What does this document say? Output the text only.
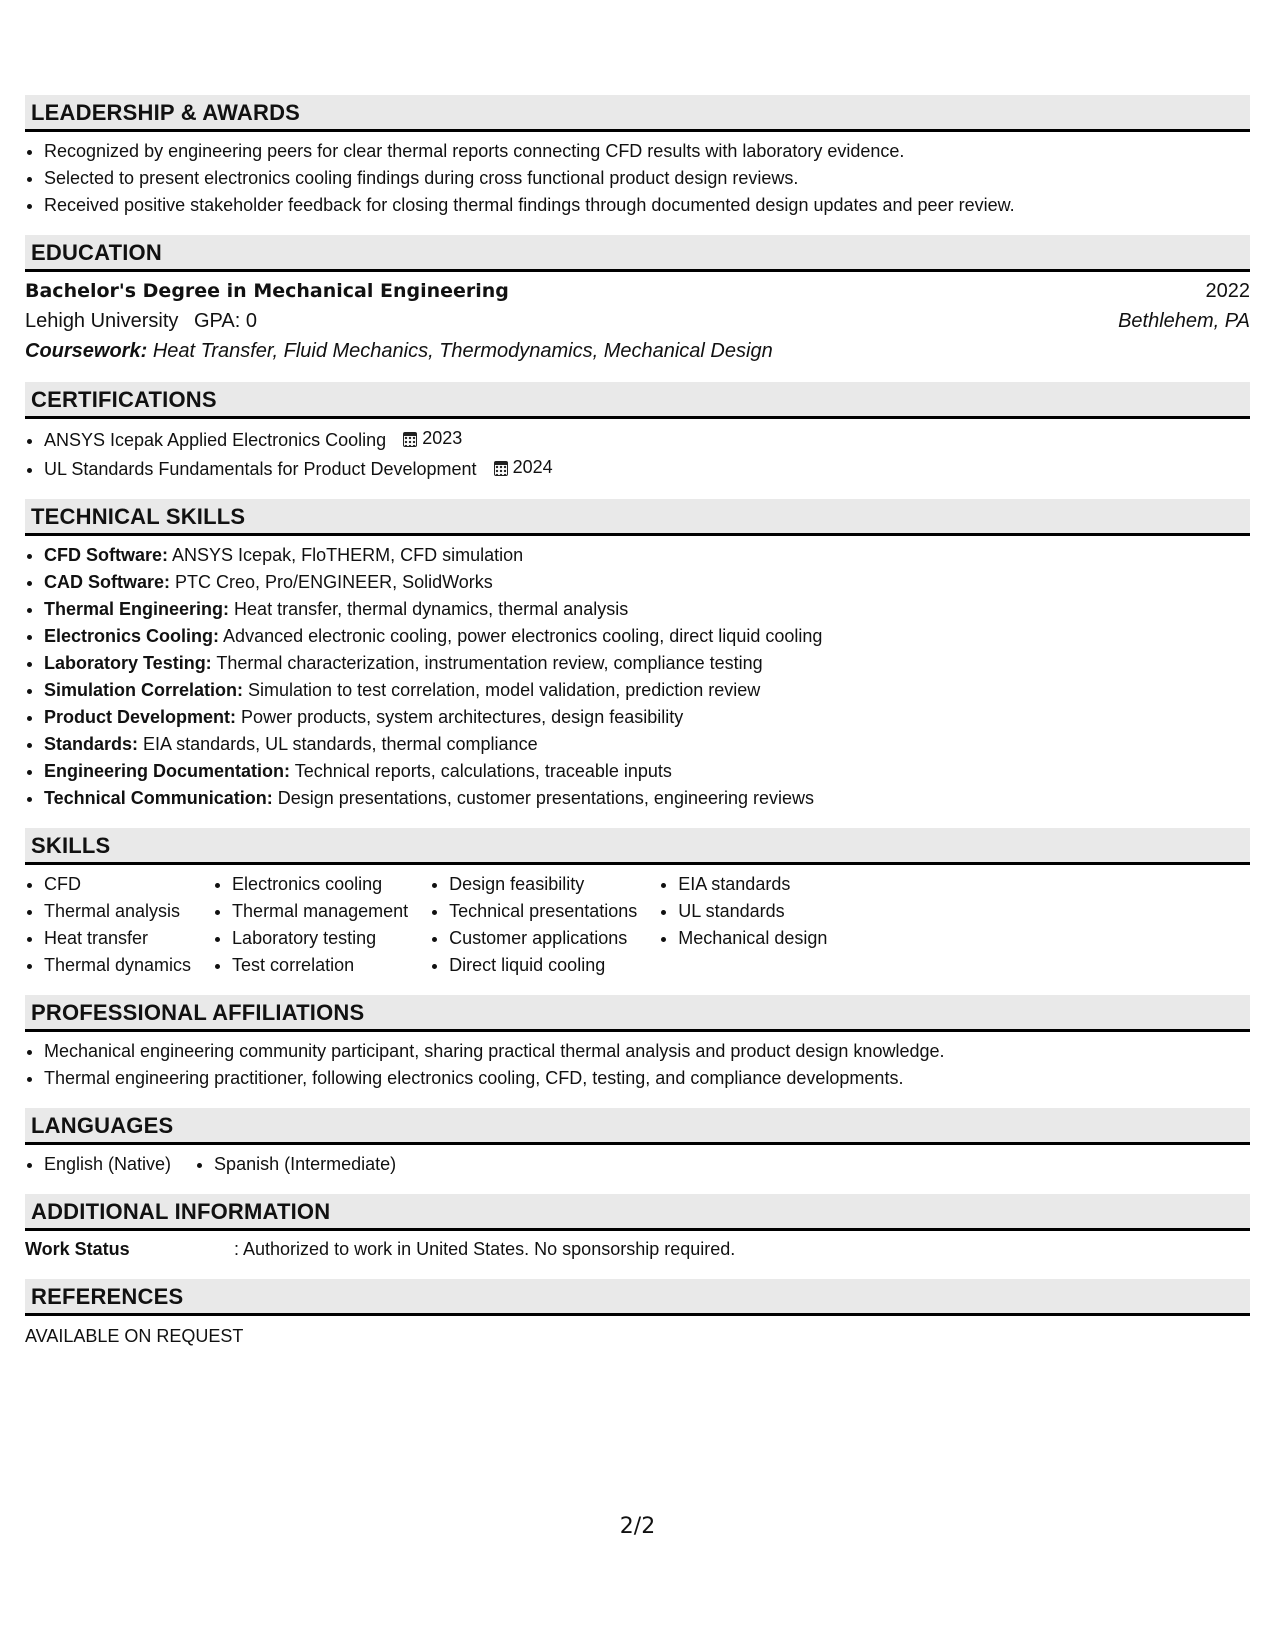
LEADERSHIP & AWARDS
• Recognized by engineering peers for clear thermal reports connecting CFD results with laboratory evidence.
• Selected to present electronics cooling findings during cross functional product design reviews.
• Received positive stakeholder feedback for closing thermal findings through documented design updates and peer review.
EDUCATION
Bachelor's Degree in Mechanical Engineering	2022
Lehigh University GPA: 0	Bethlehem, PA
Coursework: Heat Transfer, Fluid Mechanics, Thermodynamics, Mechanical Design
CERTIFICATIONS
• ANSYS Icepak Applied Electronics Cooling 2023
• UL Standards Fundamentals for Product Development 2024
TECHNICAL SKILLS
• CFD Software: ANSYS Icepak, FloTHERM, CFD simulation
• CAD Software: PTC Creo, Pro/ENGINEER, SolidWorks
• Thermal Engineering: Heat transfer, thermal dynamics, thermal analysis
• Electronics Cooling: Advanced electronic cooling, power electronics cooling, direct liquid cooling
• Laboratory Testing: Thermal characterization, instrumentation review, compliance testing
• Simulation Correlation: Simulation to test correlation, model validation, prediction review
• Product Development: Power products, system architectures, design feasibility
• Standards: EIA standards, UL standards, thermal compliance
• Engineering Documentation: Technical reports, calculations, traceable inputs
• Technical Communication: Design presentations, customer presentations, engineering reviews
SKILLS
• CFD
• Thermal analysis
• Heat transfer
• Thermal dynamics
• Electronics cooling
• Thermal management
• Laboratory testing
• Test correlation
• Design feasibility
• Technical presentations
• Customer applications
• Direct liquid cooling
• EIA standards
• UL standards
• Mechanical design
PROFESSIONAL AFFILIATIONS
• Mechanical engineering community participant, sharing practical thermal analysis and product design knowledge.
• Thermal engineering practitioner, following electronics cooling, CFD, testing, and compliance developments.
LANGUAGES
• English (Native)
• Spanish (Intermediate)
ADDITIONAL INFORMATION
Work Status	: Authorized to work in United States. No sponsorship required.
REFERENCES
AVAILABLE ON REQUEST
2/2
